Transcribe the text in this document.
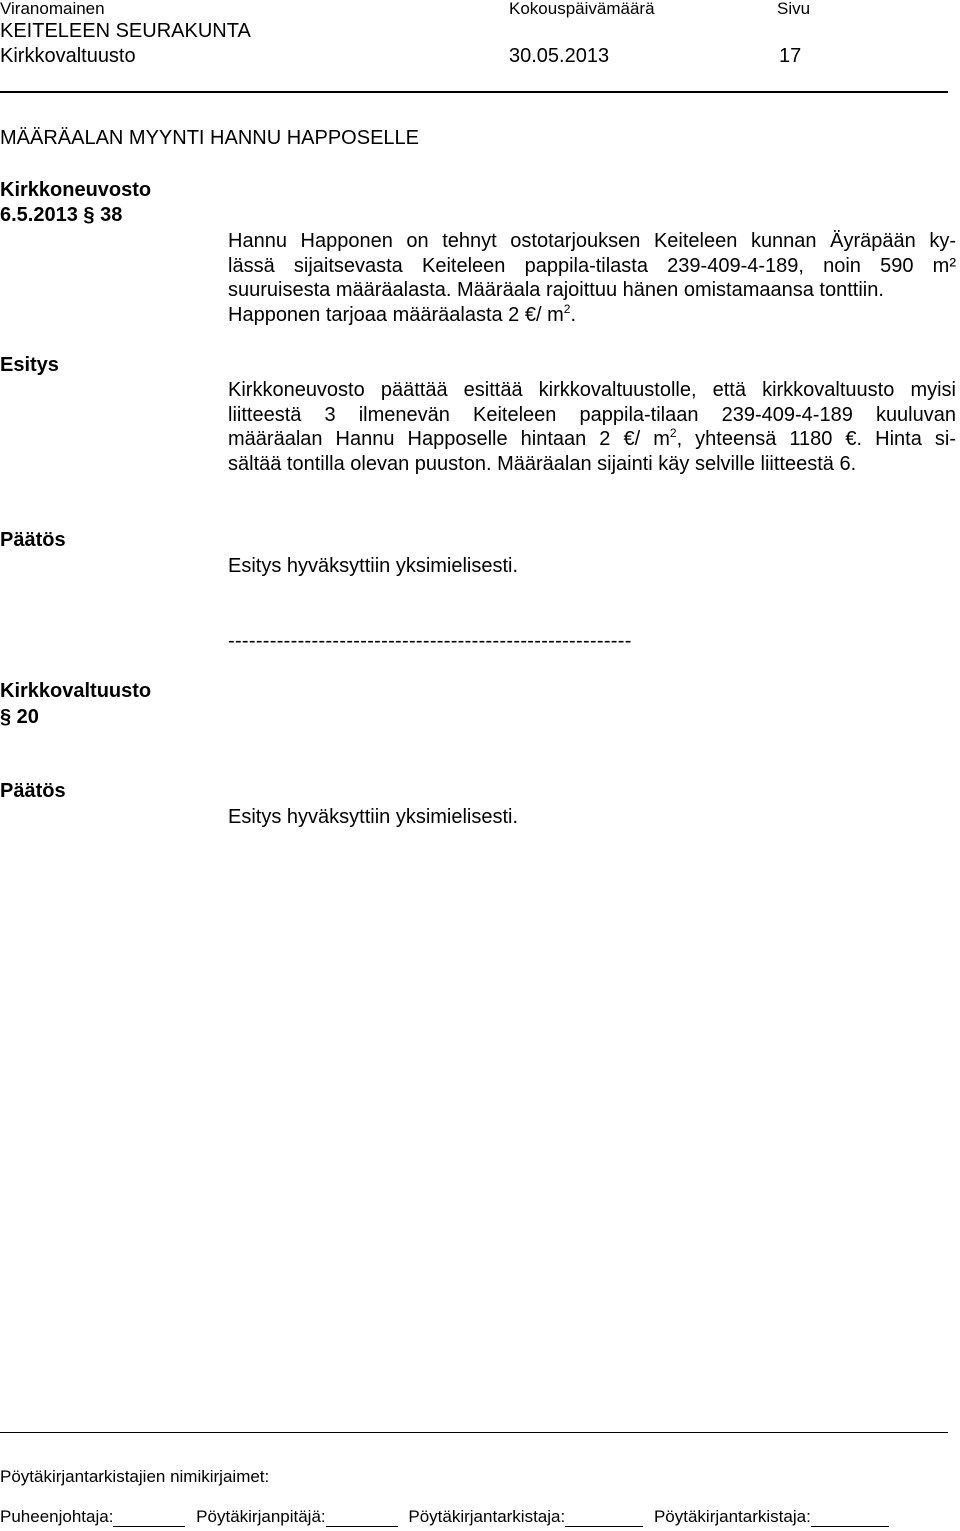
Viranomainen	Kokouspäivämäärä	Sivu
KEITELEEN SEURAKUNTA
Kirkkovaltuusto	30.05.2013	17
MÄÄRÄALAN MYYNTI HANNU HAPPOSELLE
Kirkkoneuvosto
6.5.2013 § 38
Hannu Happonen on tehnyt ostotarjouksen Keiteleen kunnan Äyräpään ky-
lässä sijaitsevasta Keiteleen pappila-tilasta 239-409-4-189, noin 590 m²
suuruisesta määräalasta. Määräala rajoittuu hänen omistamaansa tonttiin.
Happonen tarjoaa määräalasta 2 €/ $m^2$.
Esitys
Kirkkoneuvosto päättää esittää kirkkovaltuustolle, että kirkkovaltuusto myisi
liitteestä 3 ilmenevän Keiteleen pappila-tilaan 239-409-4-189 kuuluvan
määräalan Hannu Happoselle hintaan 2 €/ $m^2$, yhteensä 1180 €. Hinta si-
sältää tontilla olevan puuston. Määräalan sijainti käy selville liitteestä 6.
Päätös
Esitys hyväksyttiin yksimielisesti.
----------------------------------------------------------
Kirkkovaltuusto
§ 20
Päätös
Esitys hyväksyttiin yksimielisesti.
Pöytäkirjantarkistajien nimikirjaimet:
Puheenjohtaja:	Pöytäkirjanpitäjä:	Pöytäkirjantarkistaja:	Pöytäkirjantarkistaja:
